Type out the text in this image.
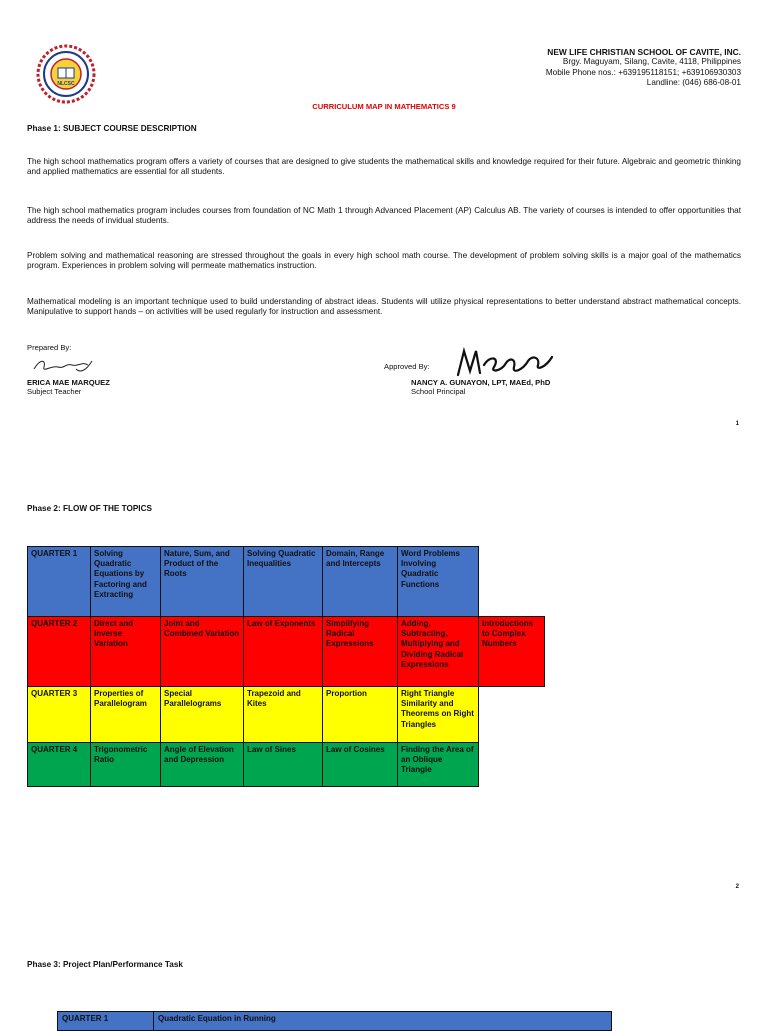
NLCSC
NEW LIFE CHRISTIAN SCHOOL OF CAVITE, INC.
Brgy. Maguyam, Silang, Cavite, 4118, Philippines
Mobile Phone nos.: +639195118151; +639106930303
Landline: (046) 686-08-01
CURRICULUM MAP IN MATHEMATICS 9
Phase 1: SUBJECT COURSE DESCRIPTION
The high school mathematics program offers a variety of courses that are designed to give students the mathematical skills and knowledge required for their future. Algebraic and geometric thinking and applied mathematics are essential for all students.
The high school mathematics program includes courses from foundation of NC Math 1 through Advanced Placement (AP) Calculus AB. The variety of courses is intended to offer opportunities that address the needs of invidual students.
Problem solving and mathematical reasoning are stressed throughout the goals in every high school math course. The development of problem solving skills is a major goal of the mathematics program. Experiences in problem solving will permeate mathematics instruction.
Mathematical modeling is an important technique used to build understanding of abstract ideas. Students will utilize physical representations to better understand abstract mathematical concepts. Manipulative to support hands – on activities will be used regularly for instruction and assessment.
Prepared By:
ERICA MAE MARQUEZ
Subject Teacher
Approved By:
NANCY A. GUNAYON, LPT, MAEd, PhD
School Principal
1
Phase 2: FLOW OF THE TOPICS
QUARTER 1	Solving Quadratic Equations by Factoring and Extracting	Nature, Sum, and Product of the Roots	Solving Quadratic Inequalities	Domain, Range and Intercepts	Word Problems Involving Quadratic Functions	
QUARTER 2	Direct and Inverse Variation	Joint and Combined Variation	Law of Exponents	Simplifying Radical Expressions	Adding, Subtracting, Multiplying and Dividing Radical Expressions	Introductions to Complex Numbers
QUARTER 3	Properties of Parallelogram	Special Parallelograms	Trapezoid and Kites	Proportion	Right Triangle Similarity and Theorems on Right Triangles	
QUARTER 4	Trigonometric Ratio	Angle of Elevation and Depression	Law of Sines	Law of Cosines	Finding the Area of an Oblique Triangle	
2
Phase 3: Project Plan/Performance Task
QUARTER 1	Quadratic Equation in Running
